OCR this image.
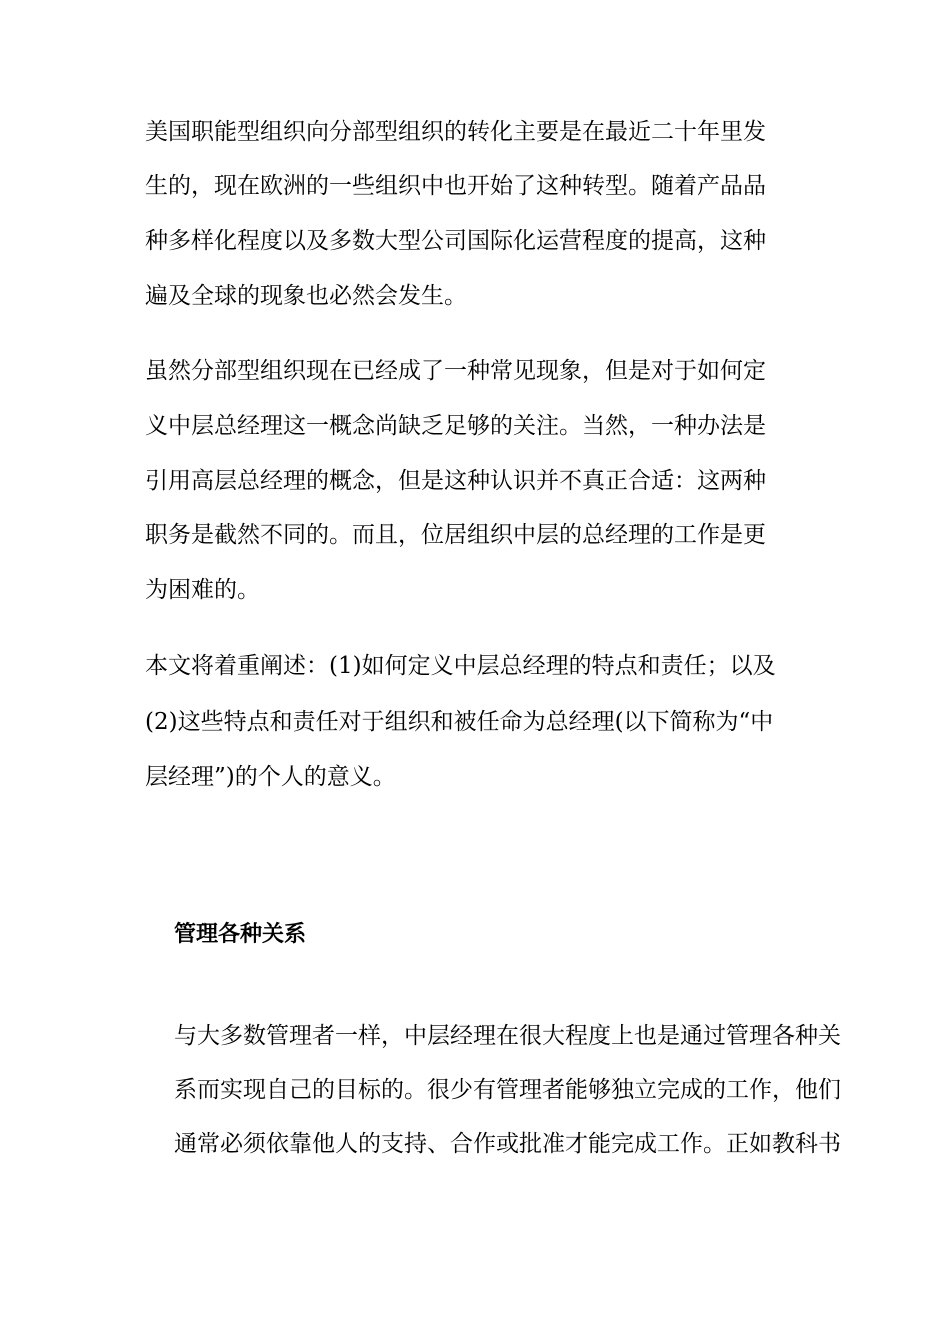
美国职能型组织向分部型组织的转化主要是在最近二十年里发
生的，现在欧洲的一些组织中也开始了这种转型。随着产品品
种多样化程度以及多数大型公司国际化运营程度的提高，这种
遍及全球的现象也必然会发生。
虽然分部型组织现在已经成了一种常见现象，但是对于如何定
义中层总经理这一概念尚缺乏足够的关注。当然，一种办法是
引用高层总经理的概念，但是这种认识并不真正合适：这两种
职务是截然不同的。而且，位居组织中层的总经理的工作是更
为困难的。
本文将着重阐述：(1)如何定义中层总经理的特点和责任；以及
(2)这些特点和责任对于组织和被任命为总经理(以下简称为“中
层经理”)的个人的意义。
管理各种关系
与大多数管理者一样，中层经理在很大程度上也是通过管理各种关
系而实现自己的目标的。很少有管理者能够独立完成的工作，他们
通常必须依靠他人的支持、合作或批准才能完成工作。正如教科书
